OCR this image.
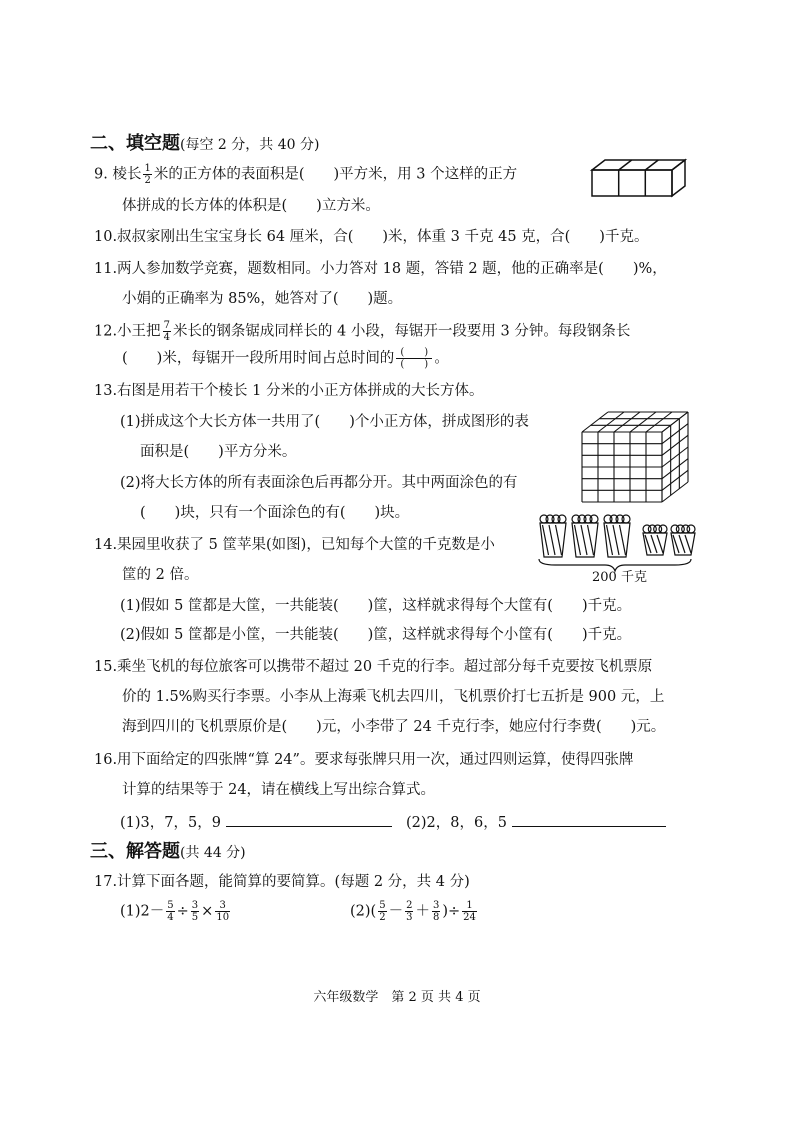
二、填空题(每空 2 分，共 40 分)
9. 棱长 $\frac{1}{2}$ 米的正方体的表面积是(　　)平方米，用 3 个这样的正方
体拼成的长方体的体积是(　　)立方米。
10.叔叔家刚出生宝宝身长 64 厘米，合(　　)米，体重 3 千克 45 克，合(　　)千克。
11.两人参加数学竞赛，题数相同。小力答对 18 题，答错 2 题，他的正确率是(　　)%，
小娟的正确率为 85%，她答对了(　　)题。
12.小王把 $\frac{7}{4}$ 米长的钢条锯成同样长的 4 小段，每锯开一段要用 3 分钟。每段钢条长
(　　)米，每锯开一段所用时间占总时间的 $\frac{( )}{( )}$ 。
13.右图是用若干个棱长 1 分米的小正方体拼成的大长方体。
(1)拼成这个大长方体一共用了(　　)个小正方体，拼成图形的表
面积是(　　)平方分米。
(2)将大长方体的所有表面涂色后再都分开。其中两面涂色的有
(　　)块，只有一个面涂色的有(　　)块。
14.果园里收获了 5 筐苹果(如图)，已知每个大筐的千克数是小
筐的 2 倍。
(1)假如 5 筐都是大筐，一共能装(　　)筐，这样就求得每个大筐有(　　)千克。
(2)假如 5 筐都是小筐，一共能装(　　)筐，这样就求得每个小筐有(　　)千克。
200 千克
15.乘坐飞机的每位旅客可以携带不超过 20 千克的行李。超过部分每千克要按飞机票原
价的 1.5%购买行李票。小李从上海乘飞机去四川，飞机票价打七五折是 900 元，上
海到四川的飞机票原价是(　　)元，小李带了 24 千克行李，她应付行李费(　　)元。
16.用下面给定的四张牌“算 24”。要求每张牌只用一次，通过四则运算，使得四张牌
计算的结果等于 24，请在横线上写出综合算式。
(1)3，7，5，9	(2)2，8，6，5
三、解答题(共 44 分)
17.计算下面各题，能简算的要简算。(每题 2 分，共 4 分)
$(1)2- \frac{5}{4} \div \frac{3}{5} \times \frac{3}{10}$	$(2)( \frac{5}{2} - \frac{2}{3} + \frac{3}{8}$ )÷ $\frac{1}{24}$
六年级数学　第 2 页 共 4 页
